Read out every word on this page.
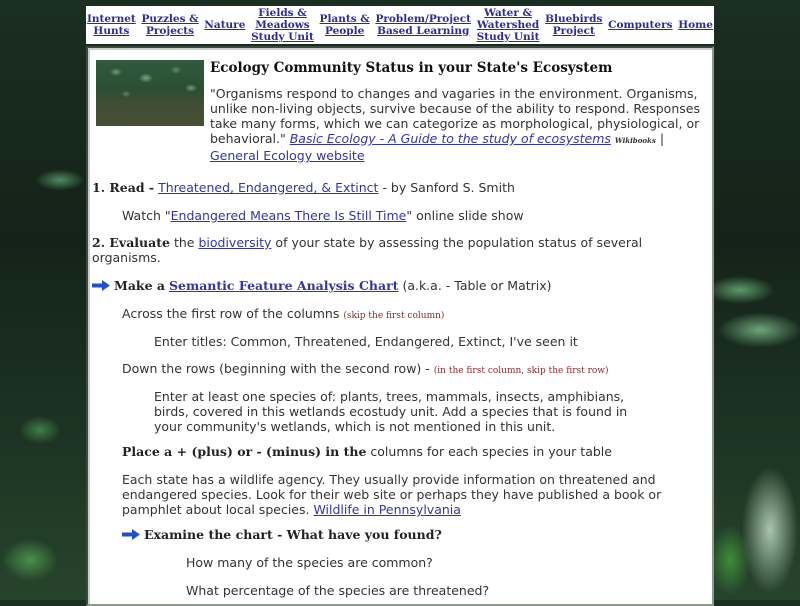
Internet
Hunts
Puzzles &
Projects Nature
Fields &
Meadows
Study Unit
Plants &
People
Problem/Project
Based Learning
Water &
Watershed
Study Unit
Bluebirds
Project	Computers Home
Ecology Community Status in your State's Ecosystem
"Organisms respond to changes and vagaries in the environment. Organisms, unlike non-living objects, survive because of the ability to respond. Responses take many forms, which we can categorize as morphological, physiological, or behavioral." Basic Ecology - A Guide to the study of ecosystems Wikibooks | General Ecology website
1. Read - Threatened, Endangered, & Extinct - by Sanford S. Smith
Watch "Endangered Means There Is Still Time" online slide show
2. Evaluate the biodiversity of your state by assessing the population status of several organisms.
Make a Semantic Feature Analysis Chart (a.k.a. - Table or Matrix)
Across the first row of the columns (skip the first column)
Enter titles: Common, Threatened, Endangered, Extinct, I've seen it
Down the rows (beginning with the second row) - (in the first column, skip the first row)
Enter at least one species of: plants, trees, mammals, insects, amphibians, birds, covered in this wetlands ecostudy unit. Add a species that is found in your community's wetlands, which is not mentioned in this unit.
Place a + (plus) or - (minus) in the columns for each species in your table
Each state has a wildlife agency. They usually provide information on threatened and endangered species. Look for their web site or perhaps they have published a book or pamphlet about local species. Wildlife in Pennsylvania
Examine the chart - What have you found?
How many of the species are common?
What percentage of the species are threatened?
